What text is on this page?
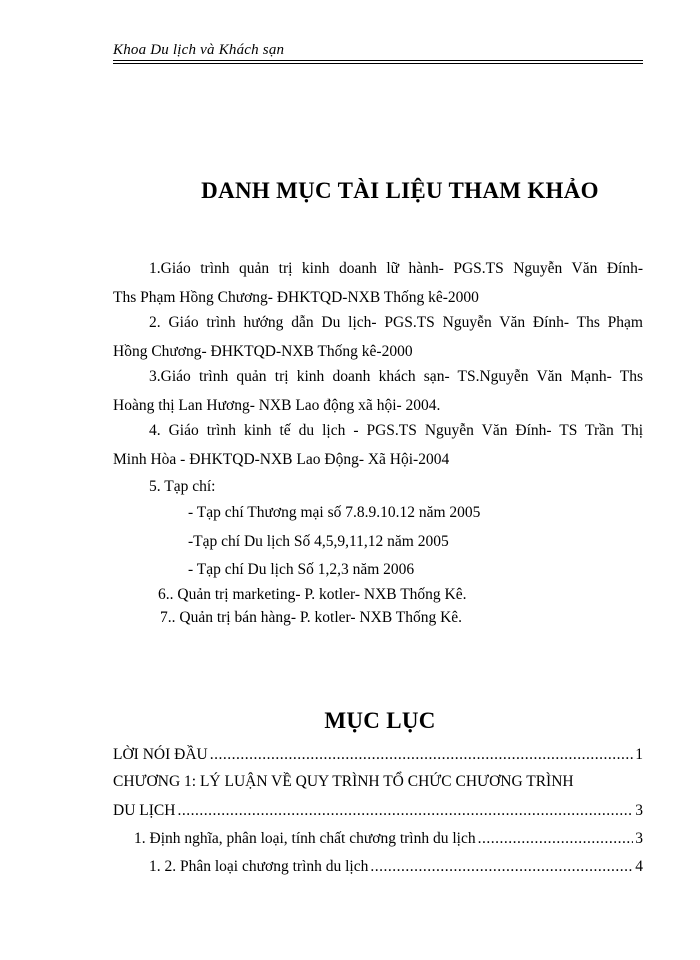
Khoa Du lịch và Khách sạn
DANH MỤC TÀI LIỆU THAM KHẢO
1.Giáo trình quản trị kinh doanh lữ hành- PGS.TS Nguyễn Văn Đính-
Ths Phạm Hồng Chương- ĐHKTQD-NXB Thống kê-2000
2. Giáo trình hướng dẫn Du lịch- PGS.TS Nguyễn Văn Đính- Ths Phạm
Hồng Chương- ĐHKTQD-NXB Thống kê-2000
3.Giáo trình quản trị kinh doanh khách sạn- TS.Nguyễn Văn Mạnh- Ths
Hoàng thị Lan Hương- NXB Lao động xã hội- 2004.
4. Giáo trình kinh tế du lịch - PGS.TS Nguyễn Văn Đính- TS Trần Thị
Minh Hòa - ĐHKTQD-NXB Lao Động- Xã Hội-2004
5. Tạp chí:
- Tạp chí Thương mại số 7.8.9.10.12 năm 2005
-Tạp chí Du lịch Số 4,5,9,11,12 năm 2005
- Tạp chí Du lịch Số 1,2,3 năm 2006
6.. Quản trị marketing- P. kotler- NXB Thống Kê.
7.. Quản trị bán hàng- P. kotler- NXB Thống Kê.
MỤC LỤC
LỜI NÓI ĐẦU .....	1
CHƯƠNG 1: LÝ LUẬN VỀ QUY TRÌNH TỔ CHỨC CHƯƠNG TRÌNH
DU LỊCH .....	3
1. Định nghĩa, phân loại, tính chất chương trình du lịch .....	3
1. 2. Phân loại chương trình du lịch .....	4
